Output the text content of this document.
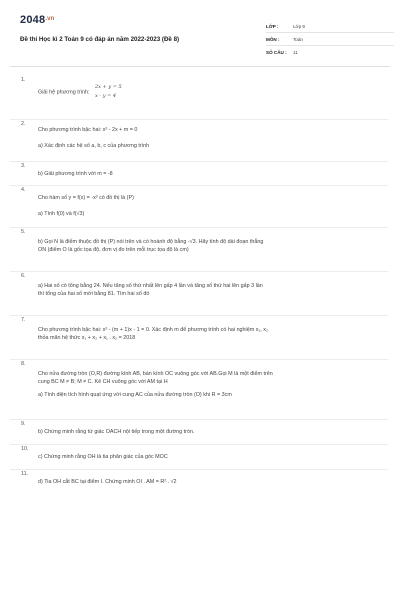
$2048^{.vn}$
Đề thi Học kì 2 Toán 9 có đáp án năm 2022-2023 (Đề 8)
LỚP :	Lớp 9
MÔN :	Toán
SỐ CÂU :	11
1.
Giải hệ phương trình:
2x + y = 5
x - y = 4
2.
Cho phương trình bậc hai: x² - 2x + m = 0
a) Xác định các hệ số a, b, c của phương trình
3.
b) Giải phương trình với m = -8
4.
Cho hàm số y = f(x) = -x² có đồ thị là (P)
a) Tính f(0) và f(√3)
5.
b) Gọi N là điểm thuộc đồ thị (P) nói trên và có hoành độ bằng -√3. Hãy tính độ dài đoạn thẳng
ON (điểm O là gốc tọa độ, đơn vị đo trên mỗi trục tọa độ là cm)
6.
a) Hai số có tổng bằng 24. Nếu tăng số thứ nhất lên gấp 4 lần và tăng số thứ hai lên gấp 3 lần
thì tổng của hai số mới bằng 81. Tìm hai số đó
7.
Cho phương trình bậc hai: x² - (m + 1)x - 1 = 0. Xác định m để phương trình có hai nghiệm x₁, x₂
thỏa mãn hệ thức x₁ + x₂ + x₁ . x₂ = 2018
8.
Cho nửa đường tròn (O,R) đường kính AB, bán kính OC vuông góc với AB.Gọi M là một điểm trên
cung BC M ≠ B; M ≠ C. Kẻ CH vuông góc với AM tại H
a) Tính diện tích hình quạt ứng với cung AC của nửa đường tròn (O) khi R = 3cm
9.
b) Chứng minh rằng tứ giác OACH nội tiếp trong một đường tròn.
10.
c) Chứng minh rằng OH là tia phân giác của góc MOC
11.
d) Tia OH cắt BC tại điểm I. Chứng minh OI . AM = R² . √2
